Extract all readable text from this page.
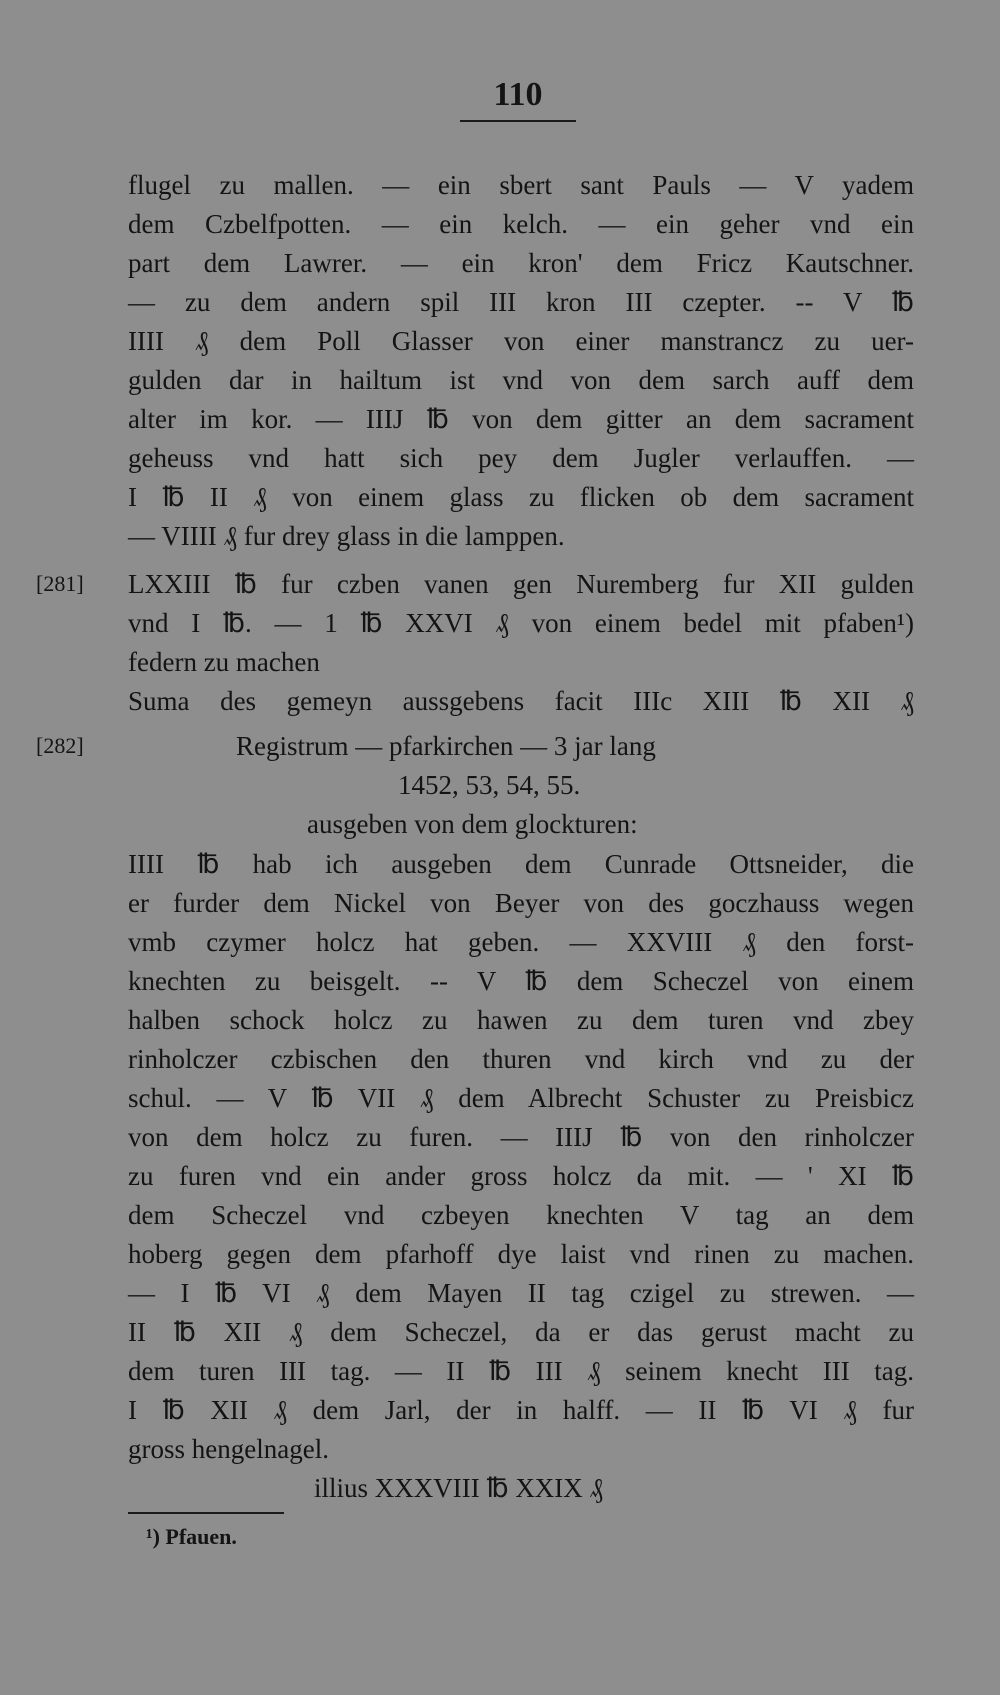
110
[281]
[282]
flugel zu mallen. — ein sbert sant Pauls — V yadem
dem Czbelfpotten. — ein kelch. — ein geher vnd ein
part dem Lawrer. — ein kron' dem Fricz Kautschner.
— zu dem andern spil III kron III czepter. -- V ℔
IIII ₰ dem Poll Glasser von einer manstrancz zu uer-
gulden dar in hailtum ist vnd von dem sarch auff dem
alter im kor. — IIIJ ℔ von dem gitter an dem sacrament
geheuss vnd hatt sich pey dem Jugler verlauffen. —
I ℔ II ₰ von einem glass zu flicken ob dem sacrament
— VIIII ₰ fur drey glass in die lamppen.
LXXIII ℔ fur czben vanen gen Nuremberg fur XII gulden
vnd I ℔. — 1 ℔ XXVI ₰ von einem bedel mit pfaben¹)
federn zu machen
Suma des gemeyn aussgebens facit IIIc XIII ℔ XII ₰
Registrum — pfarkirchen — 3 jar lang
1452, 53, 54, 55.
ausgeben von dem glockturen:
IIII ℔ hab ich ausgeben dem Cunrade Ottsneider, die
er furder dem Nickel von Beyer von des goczhauss wegen
vmb czymer holcz hat geben. — XXVIII ₰ den forst-
knechten zu beisgelt. -- V ℔ dem Scheczel von einem
halben schock holcz zu hawen zu dem turen vnd zbey
rinholczer czbischen den thuren vnd kirch vnd zu der
schul. — V ℔ VII ₰ dem Albrecht Schuster zu Preisbicz
von dem holcz zu furen. — IIIJ ℔ von den rinholczer
zu furen vnd ein ander gross holcz da mit. — ' XI ℔
dem Scheczel vnd czbeyen knechten V tag an dem
hoberg gegen dem pfarhoff dye laist vnd rinen zu machen.
— I ℔ VI ₰ dem Mayen II tag czigel zu strewen. —
II ℔ XII ₰ dem Scheczel, da er das gerust macht zu
dem turen III tag. — II ℔ III ₰ seinem knecht III tag.
I ℔ XII ₰ dem Jarl, der in halff. — II ℔ VI ₰ fur
gross hengelnagel.
illius XXXVIII ℔ XXIX ₰
¹) Pfauen.
